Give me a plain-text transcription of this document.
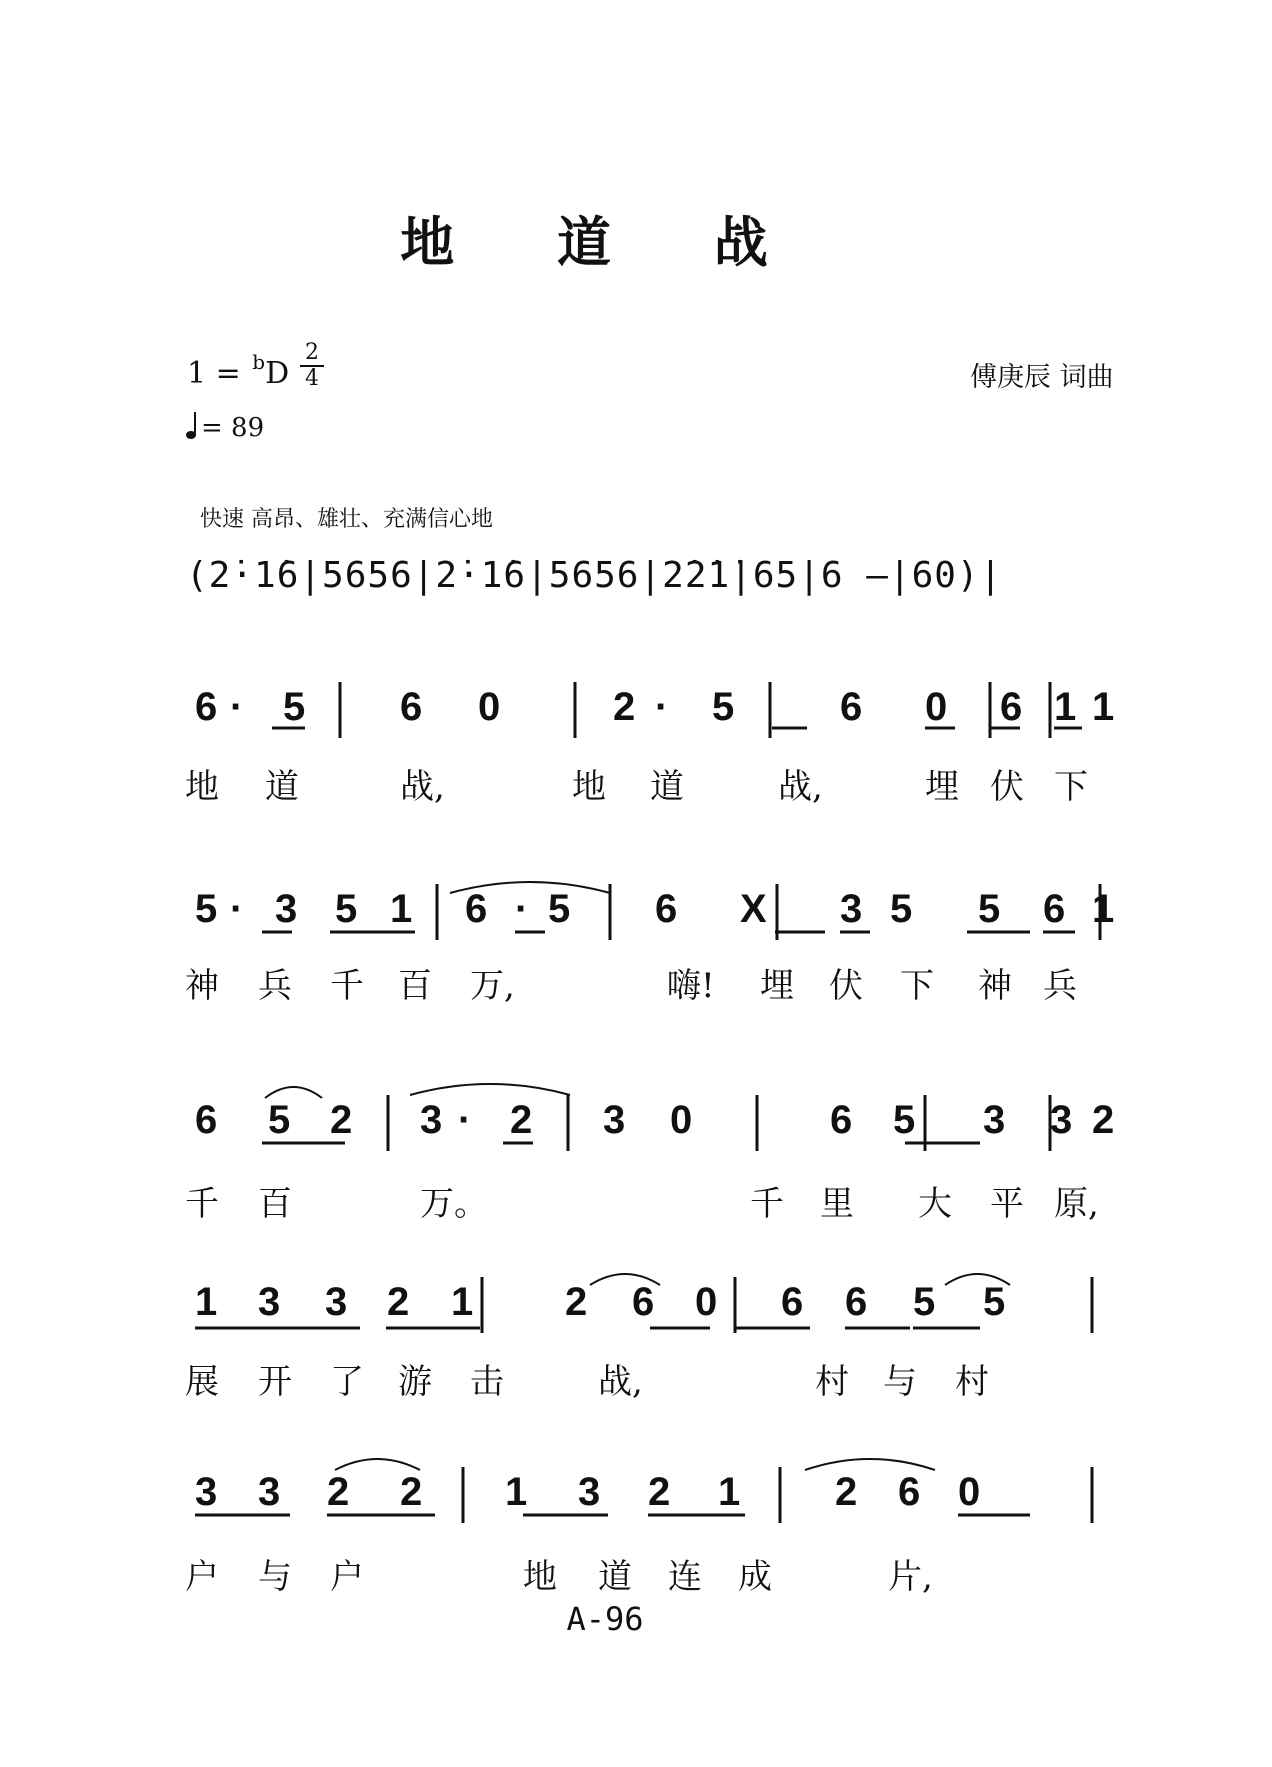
地 道 战
1 = $^b$D
2
4
= 89
傅庚辰 词曲
快速 高昂、雄壮、充满信心地
(2̇·1̇6|5656|2̇·1̇6|5656|2̇2̇1̇|65|6 –|60)|
6 · 5 6 0	2 · 5	6 0	1 1
6
地 道	战,	地 道	战,	埋 伏 下
5 · 3 5 1 6 · 5 6 X 3 5 5 6 1
神 兵 千 百 万,	嗨! 埋 伏 下 神 兵
6 5 2 3 · 2 3 0	6 5 3 3 2
千 百	万。	千 里 大 平 原,
1 3 3 2 1 2 6 0 6 6 5 5
展 开 了 游 击	战,	村 与 村
3 3 2 2 1 3 2 1 2 6 0
户 与 户	地 道 连 成	片,
A-96
